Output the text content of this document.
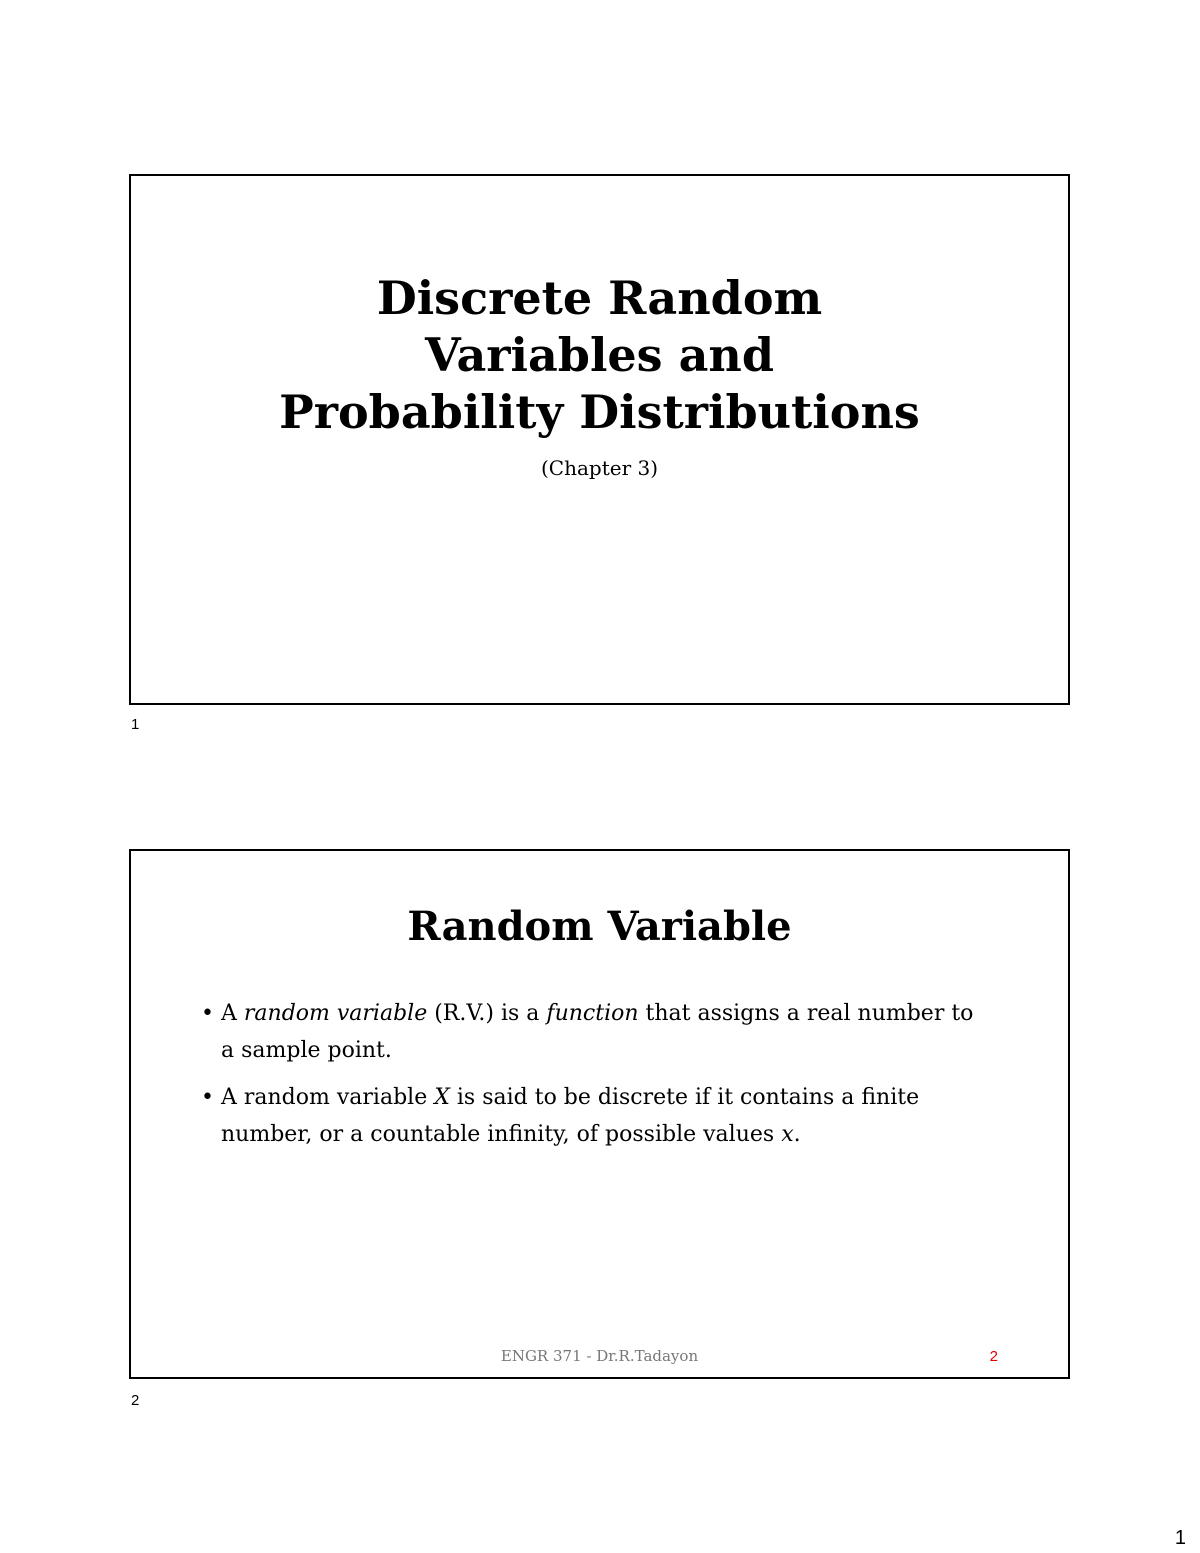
Discrete Random
Variables and
Probability Distributions
(Chapter 3)
1
Random Variable
• A random variable (R.V.) is a function that assigns a real number to a sample point.
• A random variable X is said to be discrete if it contains a finite number, or a countable infinity, of possible values x.
ENGR 371 - Dr.R.Tadayon	2
2
1
